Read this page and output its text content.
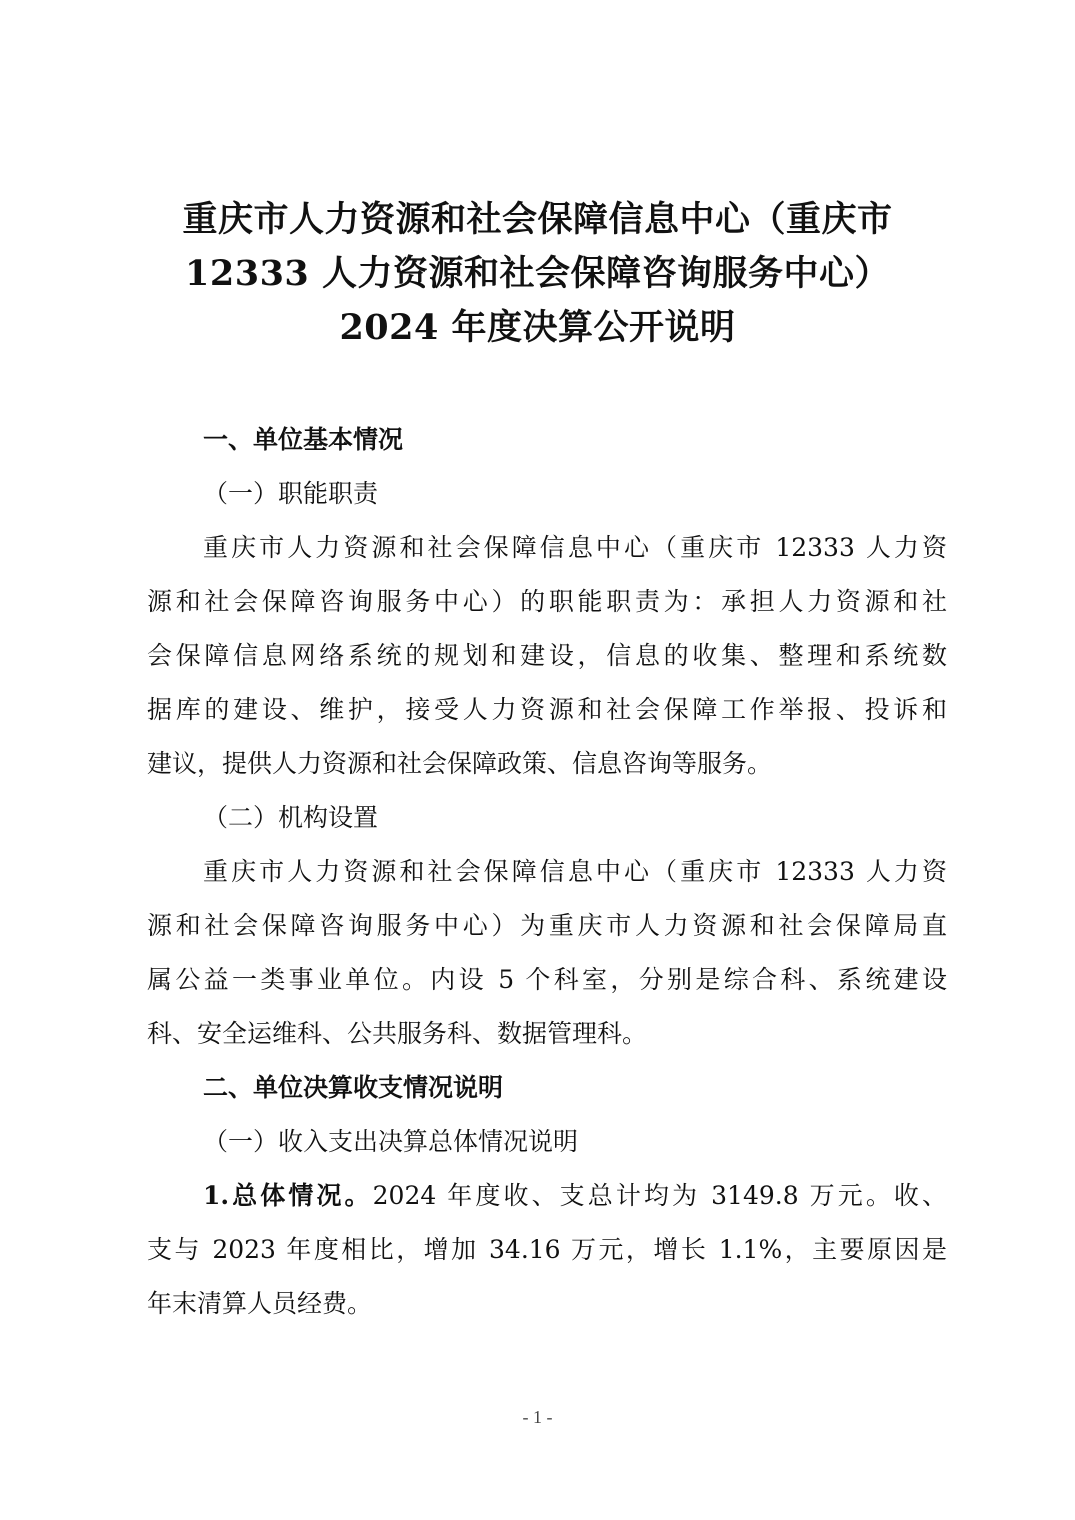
重庆市人力资源和社会保障信息中心（重庆市
12333 人力资源和社会保障咨询服务中心）
2024 年度决算公开说明
一、单位基本情况
（一）职能职责
重庆市人力资源和社会保障信息中心（重庆市 12333 人力资
源和社会保障咨询服务中心）的职能职责为：承担人力资源和社
会保障信息网络系统的规划和建设，信息的收集、整理和系统数
据库的建设、维护，接受人力资源和社会保障工作举报、投诉和
建议，提供人力资源和社会保障政策、信息咨询等服务。
（二）机构设置
重庆市人力资源和社会保障信息中心（重庆市 12333 人力资
源和社会保障咨询服务中心）为重庆市人力资源和社会保障局直
属公益一类事业单位。内设 5 个科室，分别是综合科、系统建设
科、安全运维科、公共服务科、数据管理科。
二、单位决算收支情况说明
（一）收入支出决算总体情况说明
1.总体情况。2024 年度收、支总计均为 3149.8 万元。收、
支与 2023 年度相比，增加 34.16 万元，增长 1.1%，主要原因是
年末清算人员经费。
- 1 -
